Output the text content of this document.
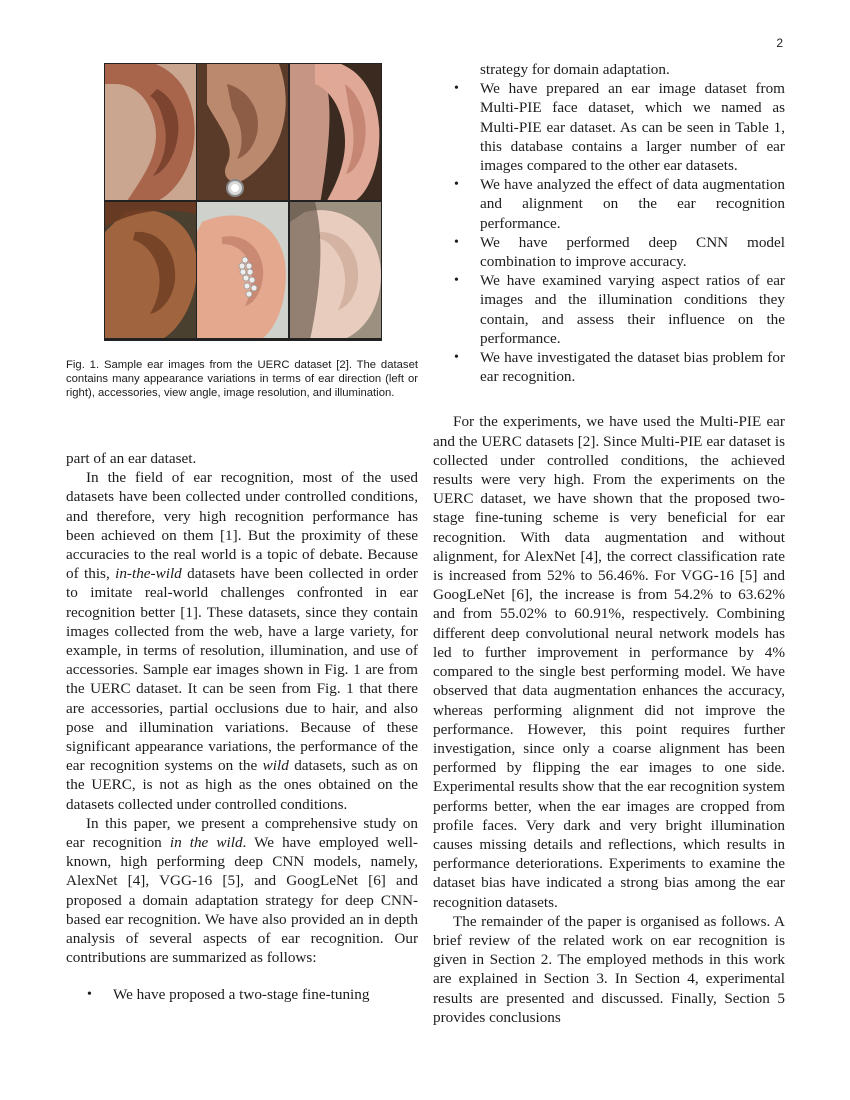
2
Fig. 1. Sample ear images from the UERC dataset [2]. The dataset contains many appearance variations in terms of ear direction (left or right), accessories, view angle, image resolution, and illumination.

part of an ear dataset.

In the field of ear recognition, most of the used datasets have been collected under controlled conditions, and therefore, very high recognition performance has been achieved on them [1]. But the proximity of these accuracies to the real world is a topic of debate. Because of this, in-the-wild datasets have been collected in order to imitate real-world challenges confronted in ear recognition better [1]. These datasets, since they contain images collected from the web, have a large variety, for example, in terms of resolution, illumination, and use of accessories. Sample ear images shown in Fig. 1 are from the UERC dataset. It can be seen from Fig. 1 that there are accessories, partial occlusions due to hair, and also pose and illumination variations. Because of these significant appearance variations, the performance of the ear recognition systems on the wild datasets, such as on the UERC, is not as high as the ones obtained on the datasets collected under controlled conditions.

In this paper, we present a comprehensive study on ear recognition in the wild. We have employed well-known, high performing deep CNN models, namely, AlexNet [4], VGG-16 [5], and GoogLeNet [6] and proposed a domain adaptation strategy for deep CNN-based ear recognition. We have also provided an in depth analysis of several aspects of ear recognition. Our contributions are summarized as follows:

• We have proposed a two-stage fine-tuning

strategy for domain adaptation.

• We have prepared an ear image dataset from Multi-PIE face dataset, which we named as Multi-PIE ear dataset. As can be seen in Table 1, this database contains a larger number of ear images compared to the other ear datasets.
• We have analyzed the effect of data augmentation and alignment on the ear recognition performance.
• We have performed deep CNN model combination to improve accuracy.
• We have examined varying aspect ratios of ear images and the illumination conditions they contain, and assess their influence on the performance.
• We have investigated the dataset bias problem for ear recognition.

For the experiments, we have used the Multi-PIE ear and the UERC datasets [2]. Since Multi-PIE ear dataset is collected under controlled conditions, the achieved results were very high. From the experiments on the UERC dataset, we have shown that the proposed two-stage fine-tuning scheme is very beneficial for ear recognition. With data augmentation and without alignment, for AlexNet [4], the correct classification rate is increased from 52% to 56.46%. For VGG-16 [5] and GoogLeNet [6], the increase is from 54.2% to 63.62% and from 55.02% to 60.91%, respectively. Combining different deep convolutional neural network models has led to further improvement in performance by 4% compared to the single best performing model. We have observed that data augmentation enhances the accuracy, whereas performing alignment did not improve the performance. However, this point requires further investigation, since only a coarse alignment has been performed by flipping the ear images to one side. Experimental results show that the ear recognition system performs better, when the ear images are cropped from profile faces. Very dark and very bright illumination causes missing details and reflections, which results in performance deteriorations. Experiments to examine the dataset bias have indicated a strong bias among the ear recognition datasets.

The remainder of the paper is organised as follows. A brief review of the related work on ear recognition is given in Section 2. The employed methods in this work are explained in Section 3. In Section 4, experimental results are presented and discussed. Finally, Section 5 provides conclusions
